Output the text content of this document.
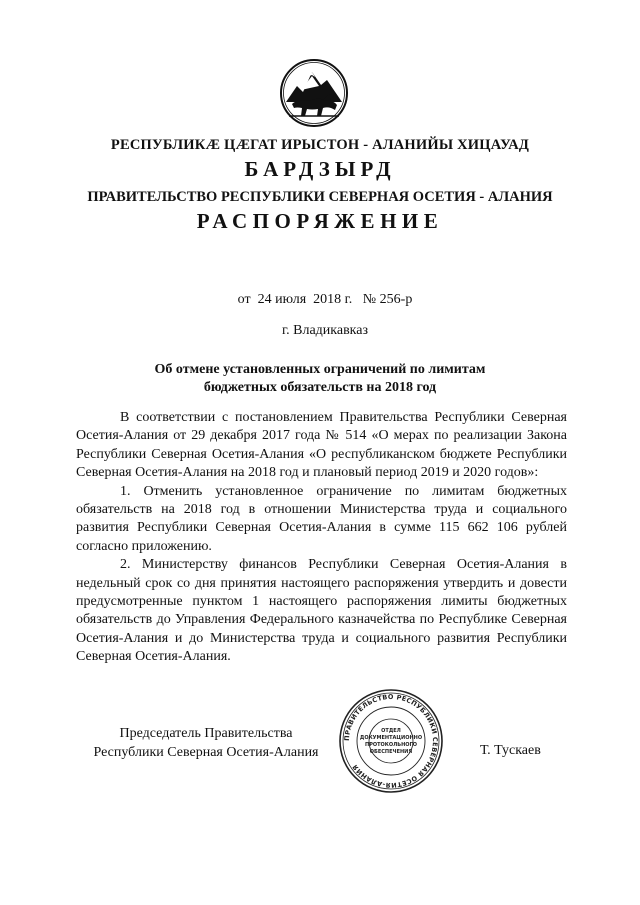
РЕСПУБЛИКӔ ЦӔГАТ ИРЫСТОН - АЛАНИЙЫ ХИЦАУАД
БАРДЗЫРД
ПРАВИТЕЛЬСТВО РЕСПУБЛИКИ СЕВЕРНАЯ ОСЕТИЯ - АЛАНИЯ
РАСПОРЯЖЕНИЕ
от  24 июля  2018 г.   № 256-р
г. Владикавказ
Об отмене установленных ограничений по лимитам
бюджетных обязательств на 2018 год

В соответствии с постановлением Правительства Республики Северная Осетия-Алания от 29 декабря 2017 года № 514 «О мерах по реализации Закона Республики Северная Осетия-Алания «О республиканском бюджете Республики Северная Осетия-Алания на 2018 год и плановый период 2019 и 2020 годов»:

1. Отменить установленное ограничение по лимитам бюджетных обязательств на 2018 год в отношении Министерства труда и социального развития Республики Северная Осетия-Алания в сумме 115 662 106 рублей согласно приложению.

2. Министерству финансов Республики Северная Осетия-Алания в недельный срок со дня принятия настоящего распоряжения утвердить и довести предусмотренные пунктом 1 настоящего распоряжения лимиты бюджетных обязательств до Управления Федерального казначейства по Республике Северная Осетия-Алания и до Министерства труда и социального развития Республики Северная Осетия-Алания.

Председатель Правительства
Республики Северная Осетия-Алания
ПРАВИТЕЛЬСТВО РЕСПУБЛИКИ СЕВЕРНАЯ ОСЕТИЯ-АЛАНИЯ
ОТДЕЛ
ДОКУМЕНТАЦИОННО
ПРОТОКОЛЬНОГО
ОБЕСПЕЧЕНИЯ	Т. Тускаев
